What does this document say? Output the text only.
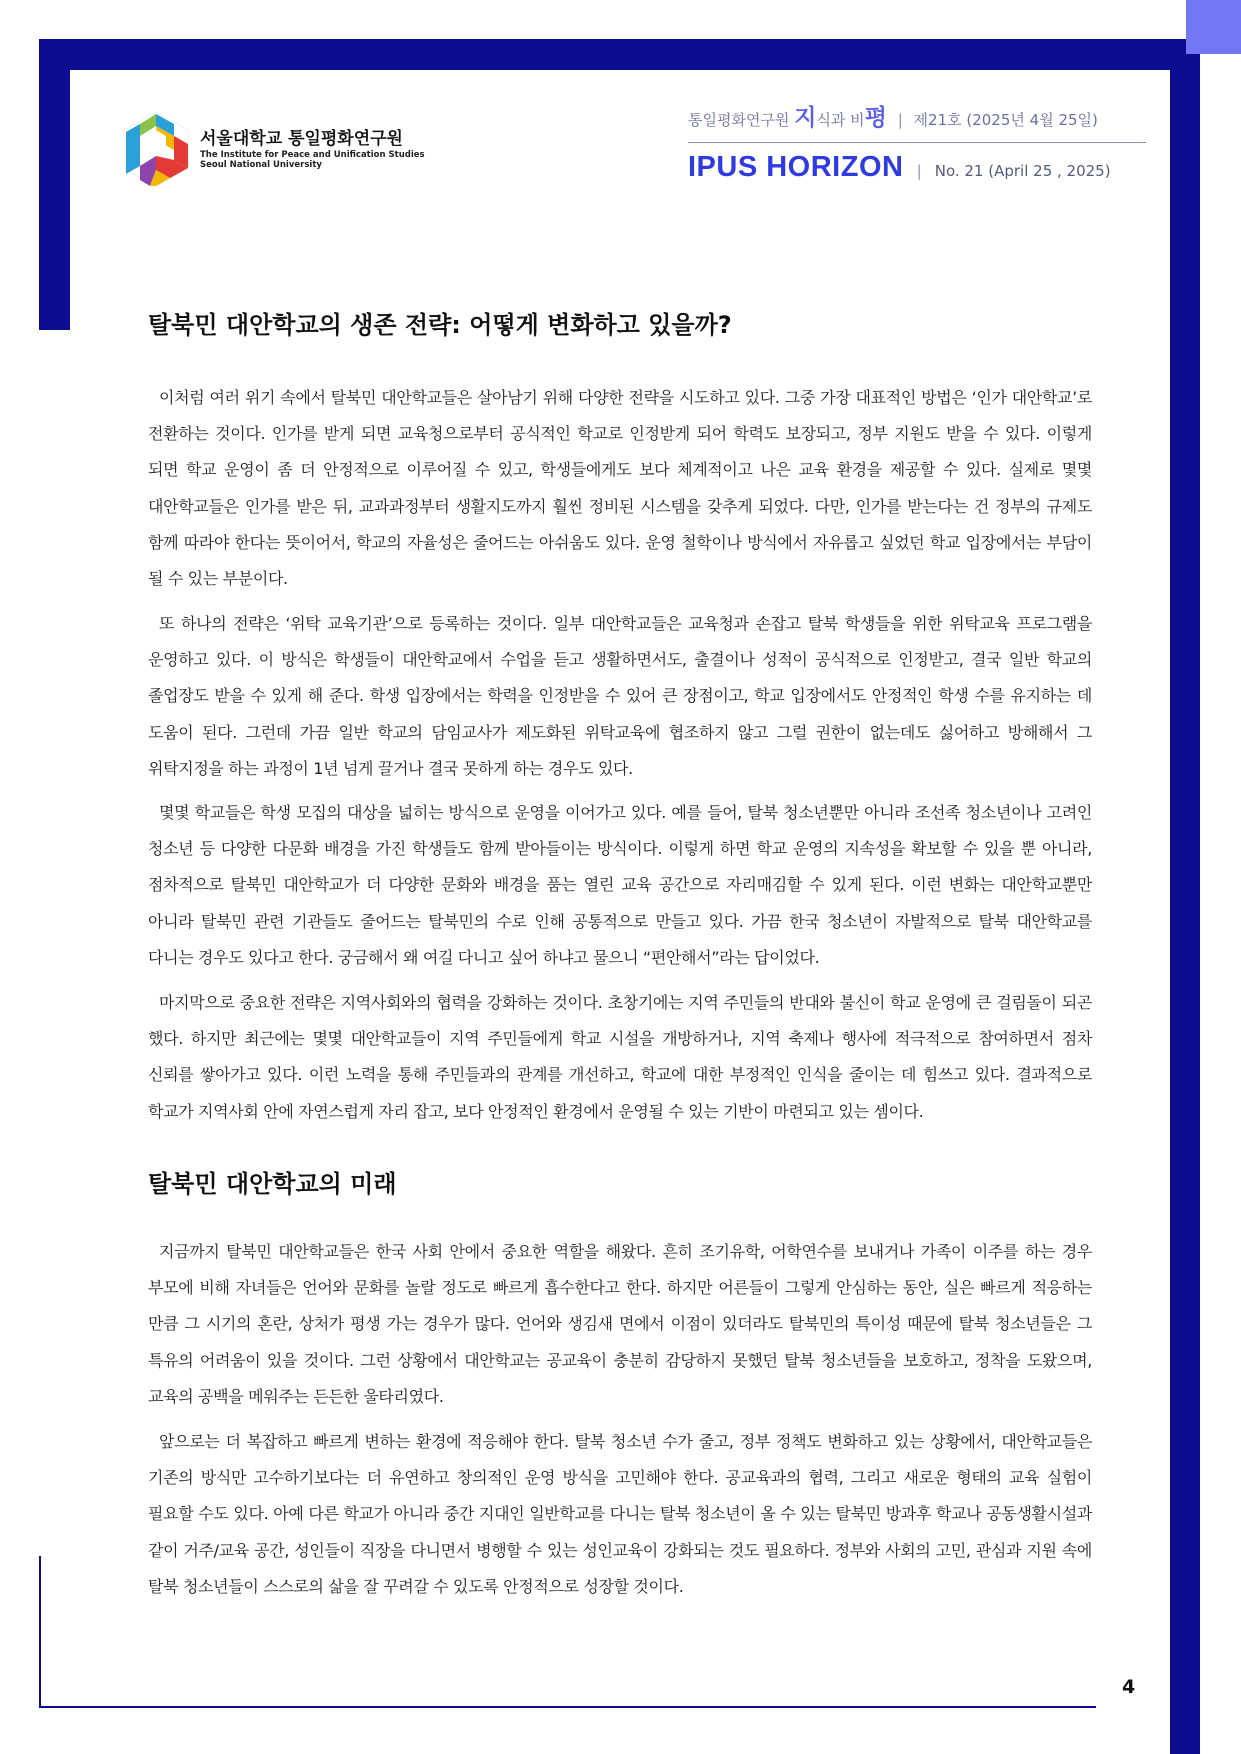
서울대학교 통일평화연구원
The Institute for Peace and Unification Studies
Seoul National University
통일평화연구원 지식과 비평 | 제21호 (2025년 4월 25일)
IPUS HORIZON | No. 21 (April 25 , 2025)
탈북민 대안학교의 생존 전략: 어떻게 변화하고 있을까?
이처럼 여러 위기 속에서 탈북민 대안학교들은 살아남기 위해 다양한 전략을 시도하고 있다. 그중 가장 대표적인 방법은 ‘인가 대안학교’로 전환하는 것이다. 인가를 받게 되면 교육청으로부터 공식적인 학교로 인정받게 되어 학력도 보장되고, 정부 지원도 받을 수 있다. 이렇게 되면 학교 운영이 좀 더 안정적으로 이루어질 수 있고, 학생들에게도 보다 체계적이고 나은 교육 환경을 제공할 수 있다. 실제로 몇몇 대안학교들은 인가를 받은 뒤, 교과과정부터 생활지도까지 훨씬 정비된 시스템을 갖추게 되었다. 다만, 인가를 받는다는 건 정부의 규제도 함께 따라야 한다는 뜻이어서, 학교의 자율성은 줄어드는 아쉬움도 있다. 운영 철학이나 방식에서 자유롭고 싶었던 학교 입장에서는 부담이 될 수 있는 부분이다.
또 하나의 전략은 ‘위탁 교육기관’으로 등록하는 것이다. 일부 대안학교들은 교육청과 손잡고 탈북 학생들을 위한 위탁교육 프로그램을 운영하고 있다. 이 방식은 학생들이 대안학교에서 수업을 듣고 생활하면서도, 출결이나 성적이 공식적으로 인정받고, 결국 일반 학교의 졸업장도 받을 수 있게 해 준다. 학생 입장에서는 학력을 인정받을 수 있어 큰 장점이고, 학교 입장에서도 안정적인 학생 수를 유지하는 데 도움이 된다. 그런데 가끔 일반 학교의 담임교사가 제도화된 위탁교육에 협조하지 않고 그럴 권한이 없는데도 싫어하고 방해해서 그 위탁지정을 하는 과정이 1년 넘게 끌거나 결국 못하게 하는 경우도 있다.
몇몇 학교들은 학생 모집의 대상을 넓히는 방식으로 운영을 이어가고 있다. 예를 들어, 탈북 청소년뿐만 아니라 조선족 청소년이나 고려인 청소년 등 다양한 다문화 배경을 가진 학생들도 함께 받아들이는 방식이다. 이렇게 하면 학교 운영의 지속성을 확보할 수 있을 뿐 아니라, 점차적으로 탈북민 대안학교가 더 다양한 문화와 배경을 품는 열린 교육 공간으로 자리매김할 수 있게 된다. 이런 변화는 대안학교뿐만 아니라 탈북민 관련 기관들도 줄어드는 탈북민의 수로 인해 공통적으로 만들고 있다. 가끔 한국 청소년이 자발적으로 탈북 대안학교를 다니는 경우도 있다고 한다. 궁금해서 왜 여길 다니고 싶어 하냐고 물으니 “편안해서”라는 답이었다.
마지막으로 중요한 전략은 지역사회와의 협력을 강화하는 것이다. 초창기에는 지역 주민들의 반대와 불신이 학교 운영에 큰 걸림돌이 되곤 했다. 하지만 최근에는 몇몇 대안학교들이 지역 주민들에게 학교 시설을 개방하거나, 지역 축제나 행사에 적극적으로 참여하면서 점차 신뢰를 쌓아가고 있다. 이런 노력을 통해 주민들과의 관계를 개선하고, 학교에 대한 부정적인 인식을 줄이는 데 힘쓰고 있다. 결과적으로 학교가 지역사회 안에 자연스럽게 자리 잡고, 보다 안정적인 환경에서 운영될 수 있는 기반이 마련되고 있는 셈이다.
탈북민 대안학교의 미래
지금까지 탈북민 대안학교들은 한국 사회 안에서 중요한 역할을 해왔다. 흔히 조기유학, 어학연수를 보내거나 가족이 이주를 하는 경우 부모에 비해 자녀들은 언어와 문화를 놀랄 정도로 빠르게 흡수한다고 한다. 하지만 어른들이 그렇게 안심하는 동안, 실은 빠르게 적응하는 만큼 그 시기의 혼란, 상처가 평생 가는 경우가 많다. 언어와 생김새 면에서 이점이 있더라도 탈북민의 특이성 때문에 탈북 청소년들은 그 특유의 어려움이 있을 것이다. 그런 상황에서 대안학교는 공교육이 충분히 감당하지 못했던 탈북 청소년들을 보호하고, 정착을 도왔으며, 교육의 공백을 메워주는 든든한 울타리였다.
앞으로는 더 복잡하고 빠르게 변하는 환경에 적응해야 한다. 탈북 청소년 수가 줄고, 정부 정책도 변화하고 있는 상황에서, 대안학교들은 기존의 방식만 고수하기보다는 더 유연하고 창의적인 운영 방식을 고민해야 한다. 공교육과의 협력, 그리고 새로운 형태의 교육 실험이 필요할 수도 있다. 아예 다른 학교가 아니라 중간 지대인 일반학교를 다니는 탈북 청소년이 올 수 있는 탈북민 방과후 학교나 공동생활시설과 같이 거주/교육 공간, 성인들이 직장을 다니면서 병행할 수 있는 성인교육이 강화되는 것도 필요하다. 정부와 사회의 고민, 관심과 지원 속에 탈북 청소년들이 스스로의 삶을 잘 꾸려갈 수 있도록 안정적으로 성장할 것이다.
4
